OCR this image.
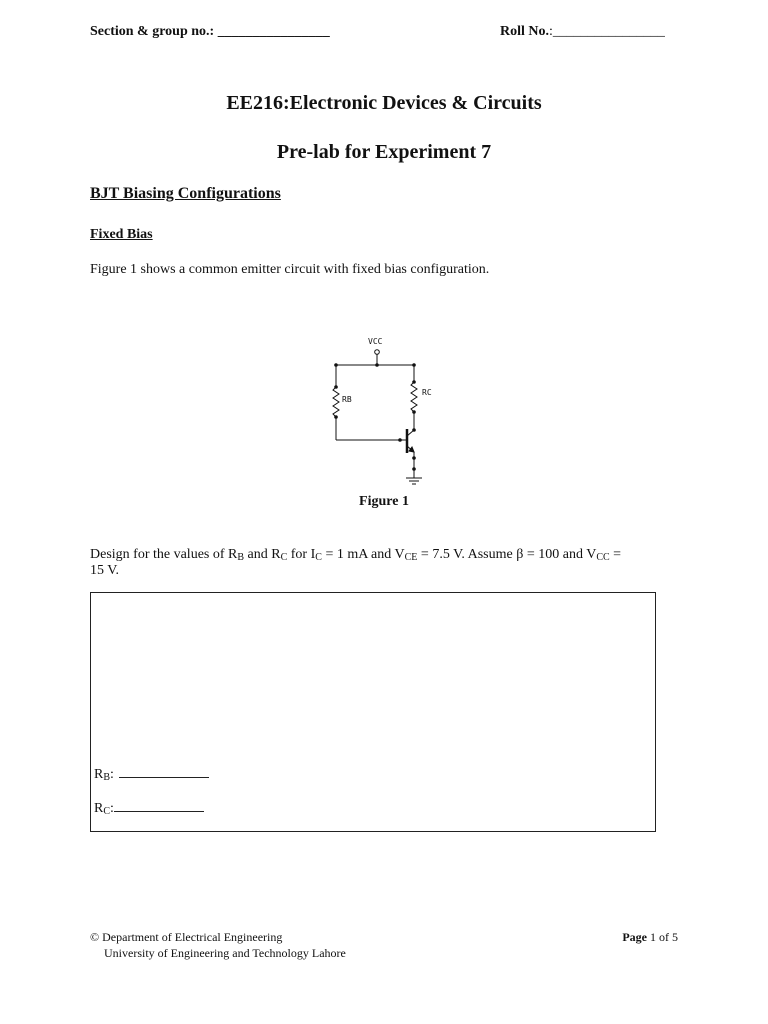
Section & group no.: ________________	Roll No.:________________
EE216:Electronic Devices & Circuits
Pre-lab for Experiment 7
BJT Biasing Configurations
Fixed Bias
Figure 1 shows a common emitter circuit with fixed bias configuration.
VCC
RB
RC
Figure 1
Design for the values of $R_B$ and $R_C$ for $I_C = 1$ mA and $V_{CE} = 7.5$ V. Assume β = 100 and $V_{CC}$ =
15 V.
$R_B$:
$R_C$:
© Department of Electrical Engineering
University of Engineering and Technology Lahore
Page 1 of 5
